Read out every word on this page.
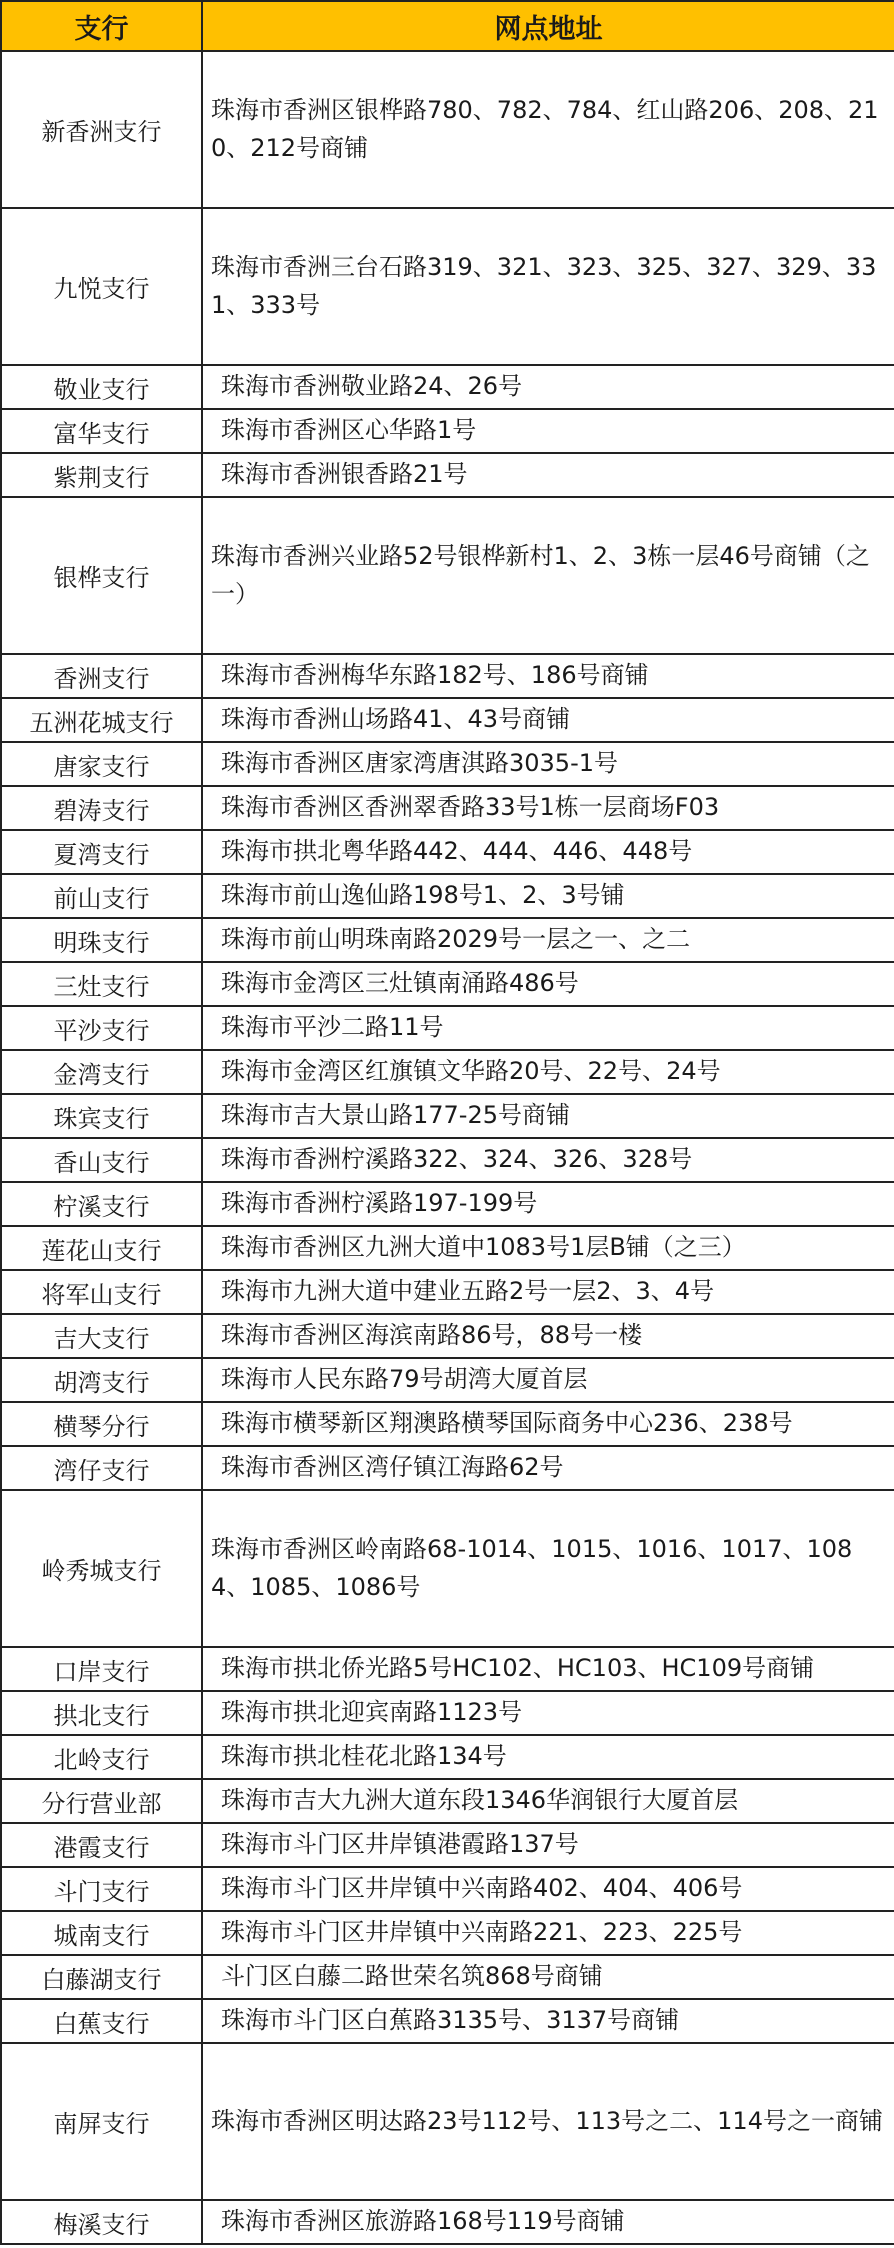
支行	网点地址
新香洲支行	珠海市香洲区银桦路780、782、784、红山路206、208、210、212号商铺
九悦支行	珠海市香洲三台石路319、321、323、325、327、329、331、333号
敬业支行	珠海市香洲敬业路24、26号
富华支行	珠海市香洲区心华路1号
紫荆支行	珠海市香洲银香路21号
银桦支行	珠海市香洲兴业路52号银桦新村1、2、3栋一层46号商铺（之一）
香洲支行	珠海市香洲梅华东路182号、186号商铺
五洲花城支行	珠海市香洲山场路41、43号商铺
唐家支行	珠海市香洲区唐家湾唐淇路3035-1号
碧涛支行	珠海市香洲区香洲翠香路33号1栋一层商场F03
夏湾支行	珠海市拱北粤华路442、444、446、448号
前山支行	珠海市前山逸仙路198号1、2、3号铺
明珠支行	珠海市前山明珠南路2029号一层之一、之二
三灶支行	珠海市金湾区三灶镇南涌路486号
平沙支行	珠海市平沙二路11号
金湾支行	珠海市金湾区红旗镇文华路20号、22号、24号
珠宾支行	珠海市吉大景山路177-25号商铺
香山支行	珠海市香洲柠溪路322、324、326、328号
柠溪支行	珠海市香洲柠溪路197-199号
莲花山支行	珠海市香洲区九洲大道中1083号1层B铺（之三）
将军山支行	珠海市九洲大道中建业五路2号一层2、3、4号
吉大支行	珠海市香洲区海滨南路86号，88号一楼
胡湾支行	珠海市人民东路79号胡湾大厦首层
横琴分行	珠海市横琴新区翔澳路横琴国际商务中心236、238号
湾仔支行	珠海市香洲区湾仔镇江海路62号
岭秀城支行	珠海市香洲区岭南路68-1014、1015、1016、1017、1084、1085、1086号
口岸支行	珠海市拱北侨光路5号HC102、HC103、HC109号商铺
拱北支行	珠海市拱北迎宾南路1123号
北岭支行	珠海市拱北桂花北路134号
分行营业部	珠海市吉大九洲大道东段1346华润银行大厦首层
港霞支行	珠海市斗门区井岸镇港霞路137号
斗门支行	珠海市斗门区井岸镇中兴南路402、404、406号
城南支行	珠海市斗门区井岸镇中兴南路221、223、225号
白藤湖支行	斗门区白藤二路世荣名筑868号商铺
白蕉支行	珠海市斗门区白蕉路3135号、3137号商铺
南屏支行	珠海市香洲区明达路23号112号、113号之二、114号之一商铺
梅溪支行	珠海市香洲区旅游路168号119号商铺
